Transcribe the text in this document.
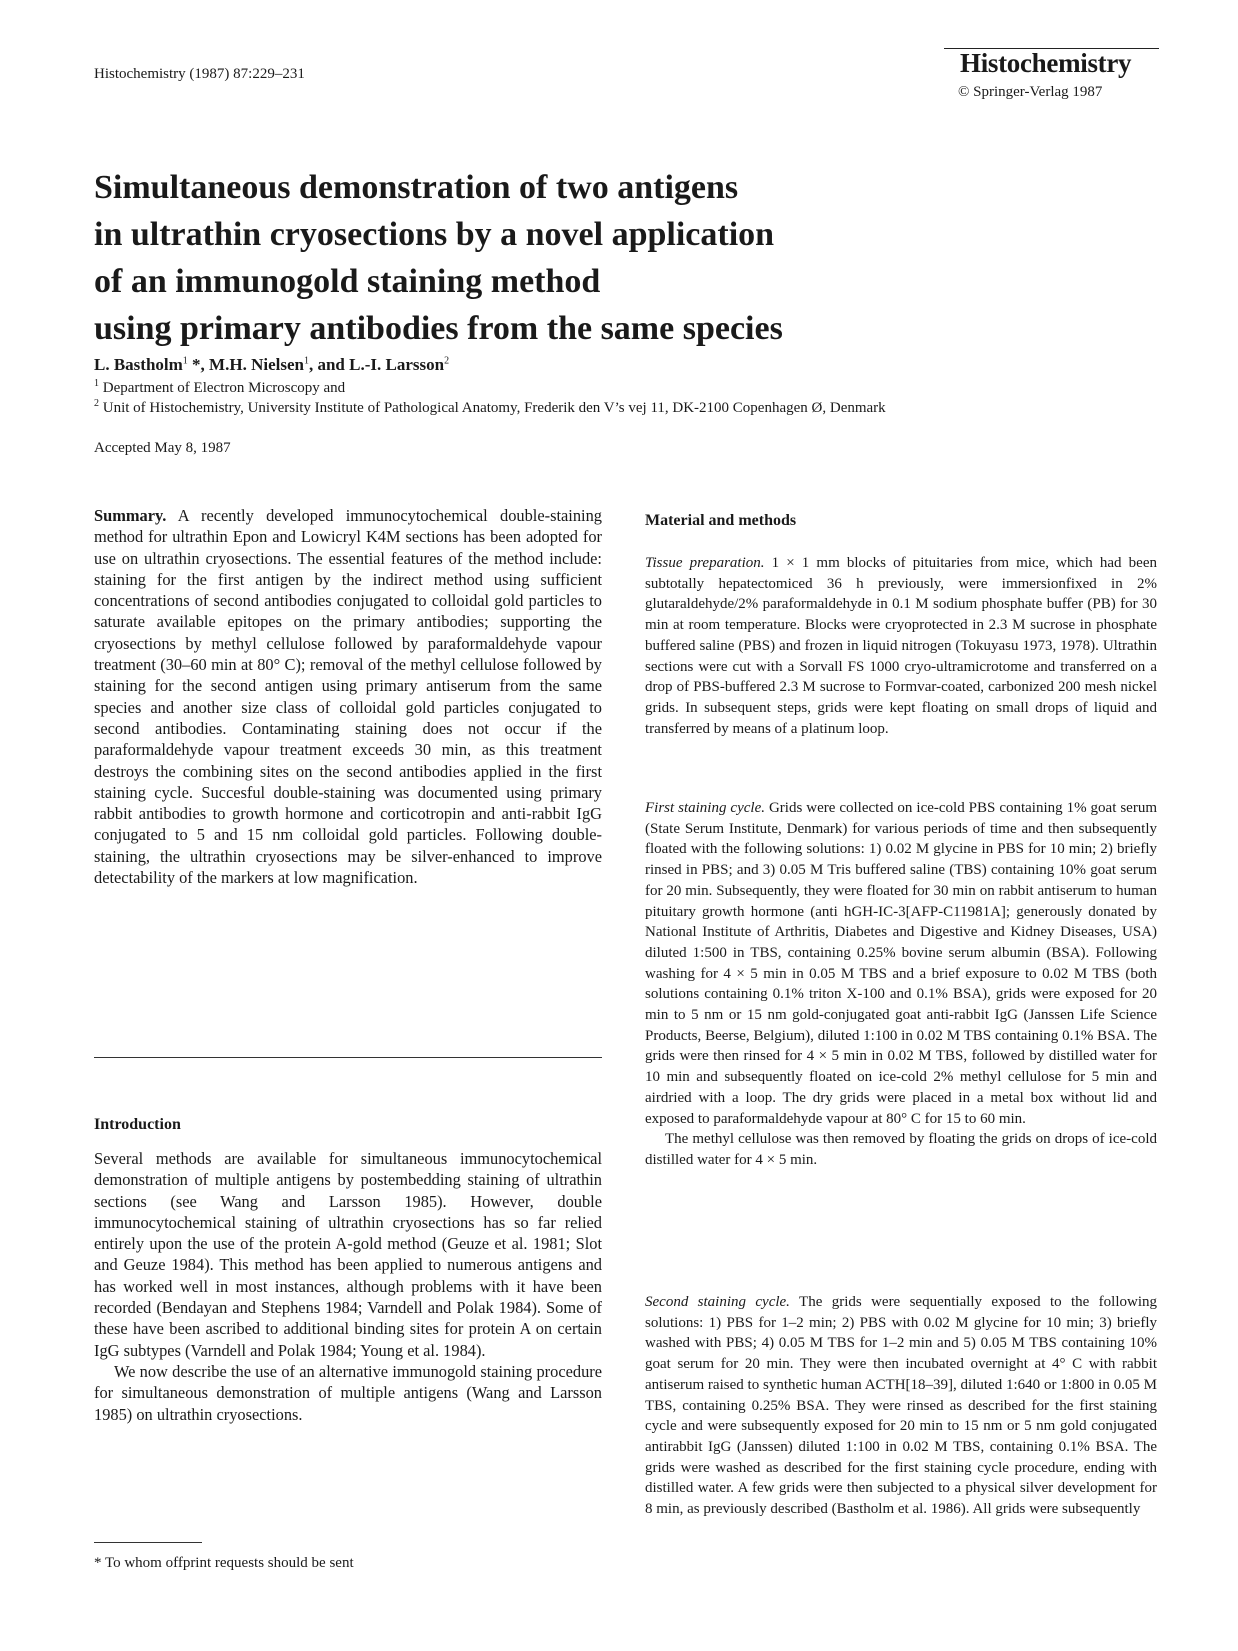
Histochemistry (1987) 87:229–231	Histochemistry
© Springer-Verlag 1987
Simultaneous demonstration of two antigens
in ultrathin cryosections by a novel application
of an immunogold staining method
using primary antibodies from the same species
L. Bastholm$^1$ *, M.H. Nielsen$^1$, and L.-I. Larsson$^2$
$^1$ Department of Electron Microscopy and
$^2$ Unit of Histochemistry, University Institute of Pathological Anatomy, Frederik den V’s vej 11, DK-2100 Copenhagen Ø, Denmark
Accepted May 8, 1987

Summary. A recently developed immunocytochemical double-staining method for ultrathin Epon and Lowicryl K4M sections has been adopted for use on ultrathin cryosections. The essential features of the method include: staining for the first antigen by the indirect method using sufficient concentrations of second antibodies conjugated to colloidal gold particles to saturate available epitopes on the primary antibodies; supporting the cryosections by methyl cellulose followed by paraformaldehyde vapour treatment (30–60 min at 80° C); removal of the methyl cellulose followed by staining for the second antigen using primary antiserum from the same species and another size class of colloidal gold particles conjugated to second antibodies. Contaminating staining does not occur if the paraformaldehyde vapour treatment exceeds 30 min, as this treatment destroys the combining sites on the second antibodies applied in the first staining cycle. Succesful double-staining was documented using primary rabbit antibodies to growth hormone and corticotropin and anti-rabbit IgG conjugated to 5 and 15 nm colloidal gold particles. Following double-staining, the ultrathin cryosections may be silver-enhanced to improve detectability of the markers at low magnification.

Introduction

Several methods are available for simultaneous immunocytochemical demonstration of multiple antigens by postembedding staining of ultrathin sections (see Wang and Larsson 1985). However, double immunocytochemical staining of ultrathin cryosections has so far relied entirely upon the use of the protein A-gold method (Geuze et al. 1981; Slot and Geuze 1984). This method has been applied to numerous antigens and has worked well in most instances, although problems with it have been recorded (Bendayan and Stephens 1984; Varndell and Polak 1984). Some of these have been ascribed to additional binding sites for protein A on certain IgG subtypes (Varndell and Polak 1984; Young et al. 1984).

We now describe the use of an alternative immunogold staining procedure for simultaneous demonstration of multiple antigens (Wang and Larsson 1985) on ultrathin cryosections.

* To whom offprint requests should be sent
Material and methods

Tissue preparation. 1 × 1 mm blocks of pituitaries from mice, which had been subtotally hepatectomiced 36 h previously, were immersionfixed in 2% glutaraldehyde/2% paraformaldehyde in 0.1 M sodium phosphate buffer (PB) for 30 min at room temperature. Blocks were cryoprotected in 2.3 M sucrose in phosphate buffered saline (PBS) and frozen in liquid nitrogen (Tokuyasu 1973, 1978). Ultrathin sections were cut with a Sorvall FS 1000 cryo-ultramicrotome and transferred on a drop of PBS-buffered 2.3 M sucrose to Formvar-coated, carbonized 200 mesh nickel grids. In subsequent steps, grids were kept floating on small drops of liquid and transferred by means of a platinum loop.

First staining cycle. Grids were collected on ice-cold PBS containing 1% goat serum (State Serum Institute, Denmark) for various periods of time and then subsequently floated with the following solutions: 1) 0.02 M glycine in PBS for 10 min; 2) briefly rinsed in PBS; and 3) 0.05 M Tris buffered saline (TBS) containing 10% goat serum for 20 min. Subsequently, they were floated for 30 min on rabbit antiserum to human pituitary growth hormone (anti hGH-IC-3[AFP-C11981A]; generously donated by National Institute of Arthritis, Diabetes and Digestive and Kidney Diseases, USA) diluted 1:500 in TBS, containing 0.25% bovine serum albumin (BSA). Following washing for 4 × 5 min in 0.05 M TBS and a brief exposure to 0.02 M TBS (both solutions containing 0.1% triton X-100 and 0.1% BSA), grids were exposed for 20 min to 5 nm or 15 nm gold-conjugated goat anti-rabbit IgG (Janssen Life Science Products, Beerse, Belgium), diluted 1:100 in 0.02 M TBS containing 0.1% BSA. The grids were then rinsed for 4 × 5 min in 0.02 M TBS, followed by distilled water for 10 min and subsequently floated on ice-cold 2% methyl cellulose for 5 min and airdried with a loop. The dry grids were placed in a metal box without lid and exposed to paraformaldehyde vapour at 80° C for 15 to 60 min.

The methyl cellulose was then removed by floating the grids on drops of ice-cold distilled water for 4 × 5 min.

Second staining cycle. The grids were sequentially exposed to the following solutions: 1) PBS for 1–2 min; 2) PBS with 0.02 M glycine for 10 min; 3) briefly washed with PBS; 4) 0.05 M TBS for 1–2 min and 5) 0.05 M TBS containing 10% goat serum for 20 min. They were then incubated overnight at 4° C with rabbit antiserum raised to synthetic human ACTH[18–39], diluted 1:640 or 1:800 in 0.05 M TBS, containing 0.25% BSA. They were rinsed as described for the first staining cycle and were subsequently exposed for 20 min to 15 nm or 5 nm gold conjugated antirabbit IgG (Janssen) diluted 1:100 in 0.02 M TBS, containing 0.1% BSA. The grids were washed as described for the first staining cycle procedure, ending with distilled water. A few grids were then subjected to a physical silver development for 8 min, as previously described (Bastholm et al. 1986). All grids were subsequently
